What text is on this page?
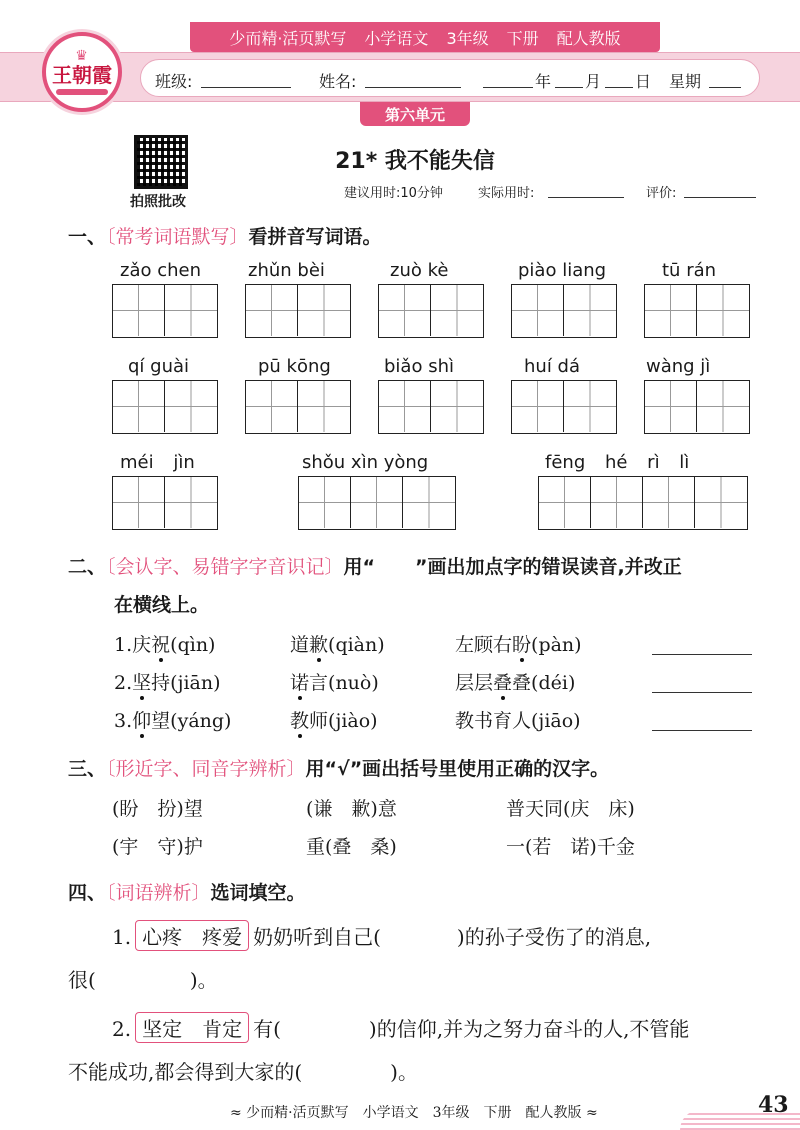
少而精·活页默写 小学语文 3年级 下册 配人教版
班级:	姓名:	年 月 日 星期
♛
王朝霞
第六单元
拍照批改
21* 我不能失信
建议用时:10分钟	实际用时:	评价:
一、〔常考词语默写〕看拼音写词语。
zǎo chen	zhǔn bèi	zuò kè	piào liang	tū rán
qí guài	pū kōng	biǎo shì	huí dá	wàng jì
méi jìn	shǒu xìn yòng	fēng hé rì lì
二、〔会认字、易错字字音识记〕用“ ”画出加点字的错误读音,并改正
在横线上。
1.庆祝(qìn)	道歉(qiàn)	左顾右盼(pàn)
2.坚持(jiān)	诺言(nuò)	层层叠叠(déi)
3.仰望(yáng)	教师(jiào)	教书育人(jiāo)
三、〔形近字、同音字辨析〕用“√”画出括号里使用正确的汉字。
(盼　扮)望	(谦　歉)意	普天同(庆　床)
(宇　守)护	重(叠　桑)	一(若　诺)千金
四、〔词语辨析〕选词填空。
1. 心疼　疼爱 奶奶听到自己(	)的孙子受伤了的消息,
很(	)。
2. 坚定　肯定 有(	)的信仰,并为之努力奋斗的人,不管能
不能成功,都会得到大家的(	)。
≈ 少而精·活页默写　小学语文　3年级　下册　配人教版 ≈	43
